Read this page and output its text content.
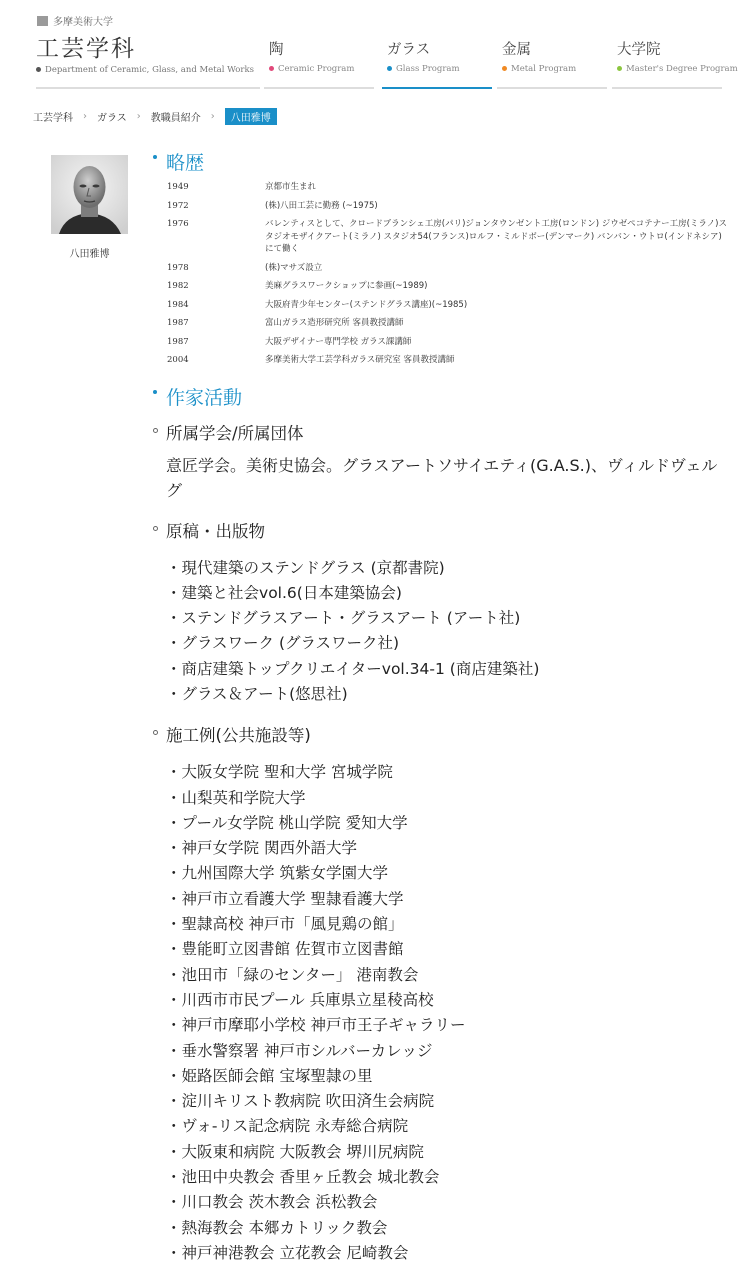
多摩美術大学
工芸学科
Department of Ceramic, Glass, and Metal Works
陶
Ceramic Program
ガラス
Glass Program
金属
Metal Program
大学院
Master's Degree Program
工芸学科 › ガラス › 教職員紹介 ›	八田雅博
八田雅博
略歴
1949	京都市生まれ
1972	(株)八田工芸に勤務 (~1975)
1976	バレンティスとして、クロードブランシェ工房(パリ)ジョンタウンゼント工房(ロンドン) ジウゼペコテナー工房(ミラノ)スタジオモザイクアート(ミラノ) スタジオ54(フランス)ロルフ・ミルドボー(デンマーク) バンバン・ウトロ(インドネシア)にて働く
1978	(株)マサズ設立
1982	美麻グラスワークショップに参画(~1989)
1984	大阪府青少年センター(ステンドグラス講座)(~1985)
1987	富山ガラス造形研究所 客員教授講師
1987	大阪デザイナー専門学校 ガラス課講師
2004	多摩美術大学工芸学科ガラス研究室 客員教授講師
作家活動
所属学会/所属団体

意匠学会。美術史協会。グラスアートソサイエティ(G.A.S.)、ヴィルドヴェルグ

原稿・出版物
・ 現代建築のステンドグラス (京都書院)
・ 建築と社会vol.6(日本建築協会)
・ ステンドグラスアート・グラスアート (アート社)
・ グラスワーク (グラスワーク社)
・ 商店建築トップクリエイターvol.34-1 (商店建築社)
・ グラス＆アート(悠思社)
施工例(公共施設等)
・ 大阪女学院 聖和大学 宮城学院
・ 山梨英和学院大学
・ プール女学院 桃山学院 愛知大学
・ 神戸女学院 関西外語大学
・ 九州国際大学 筑紫女学園大学
・ 神戸市立看護大学 聖隷看護大学
・ 聖隷高校 神戸市「風見鶏の館」
・ 豊能町立図書館 佐賀市立図書館
・ 池田市「緑のセンター」 港南教会
・ 川西市市民プール 兵庫県立星稜高校
・ 神戸市摩耶小学校 神戸市王子ギャラリー
・ 垂水警察署 神戸市シルバーカレッジ
・ 姫路医師会館 宝塚聖隷の里
・ 淀川キリスト教病院 吹田済生会病院
・ ヴォ-リス記念病院 永寿総合病院
・ 大阪東和病院 大阪教会 堺川尻病院
・ 池田中央教会 香里ヶ丘教会 城北教会
・ 川口教会 茨木教会 浜松教会
・ 熱海教会 本郷カトリック教会
・ 神戸神港教会 立花教会 尼崎教会
